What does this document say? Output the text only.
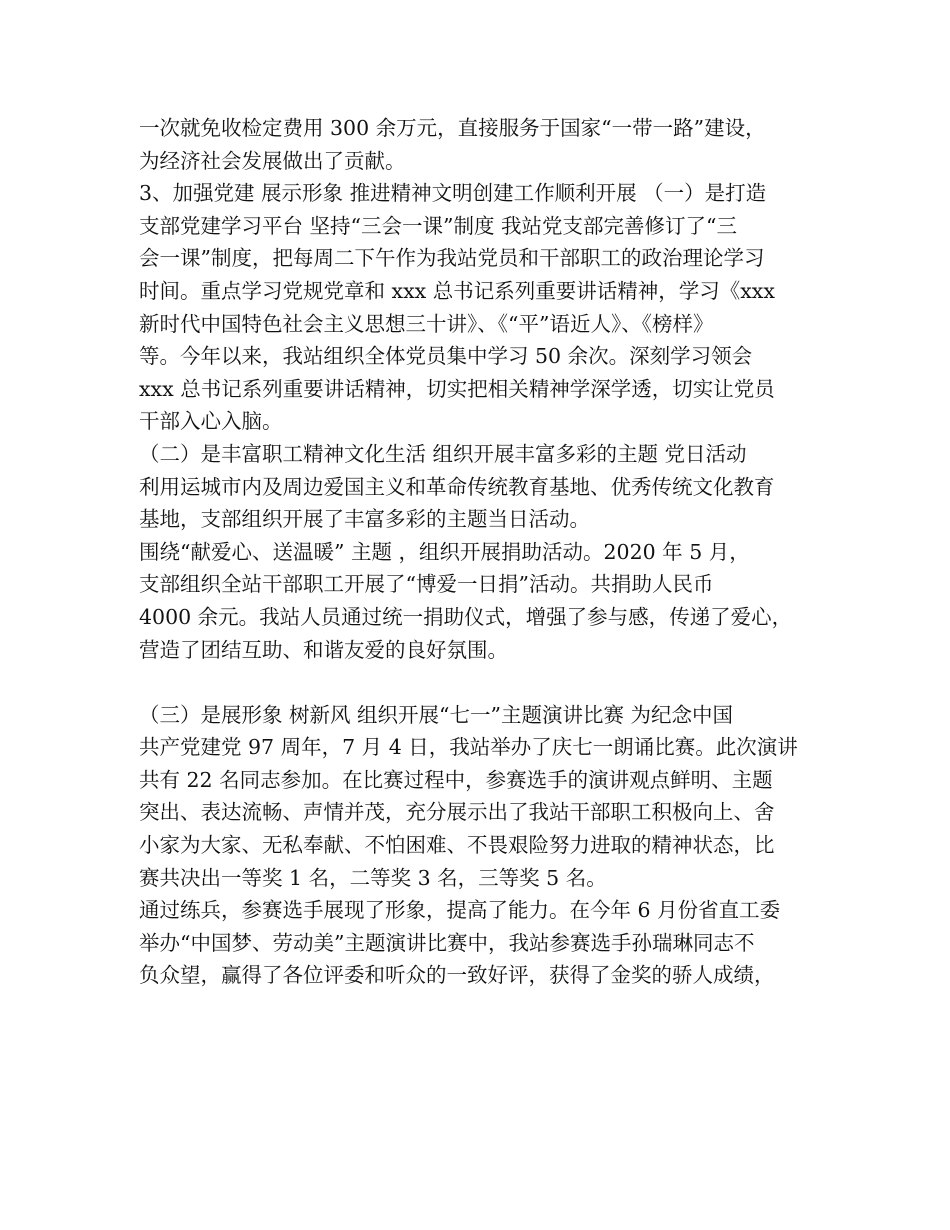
一次就免收检定费用 300 余万元，直接服务于国家“一带一路”建设，
为经济社会发展做出了贡献。
3、加强党建 展示形象 推进精神文明创建工作顺利开展 （一）是打造
支部党建学习平台 坚持“三会一课”制度 我站党支部完善修订了“三
会一课”制度，把每周二下午作为我站党员和干部职工的政治理论学习
时间。重点学习党规党章和 xxx 总书记系列重要讲话精神，学习《xxx
新时代中国特色社会主义思想三十讲》、《“平”语近人》、《榜样》
等。今年以来，我站组织全体党员集中学习 50 余次。深刻学习领会
xxx 总书记系列重要讲话精神，切实把相关精神学深学透，切实让党员
干部入心入脑。
（二）是丰富职工精神文化生活 组织开展丰富多彩的主题 党日活动
利用运城市内及周边爱国主义和革命传统教育基地、优秀传统文化教育
基地，支部组织开展了丰富多彩的主题当日活动。
围绕“献爱心、送温暖” 主题 ，组织开展捐助活动。2020 年 5 月，
支部组织全站干部职工开展了“博爱一日捐”活动。共捐助人民币
4000 余元。我站人员通过统一捐助仪式，增强了参与感，传递了爱心，
营造了团结互助、和谐友爱的良好氛围。
（三）是展形象 树新风 组织开展“七一”主题演讲比赛 为纪念中国
共产党建党 97 周年，7 月 4 日，我站举办了庆七一朗诵比赛。此次演讲
共有 22 名同志参加。在比赛过程中，参赛选手的演讲观点鲜明、主题
突出、表达流畅、声情并茂，充分展示出了我站干部职工积极向上、舍
小家为大家、无私奉献、不怕困难、不畏艰险努力进取的精神状态，比
赛共决出一等奖 1 名，二等奖 3 名，三等奖 5 名。
通过练兵，参赛选手展现了形象，提高了能力。在今年 6 月份省直工委
举办“中国梦、劳动美”主题演讲比赛中，我站参赛选手孙瑞琳同志不
负众望，赢得了各位评委和听众的一致好评，获得了金奖的骄人成绩，
